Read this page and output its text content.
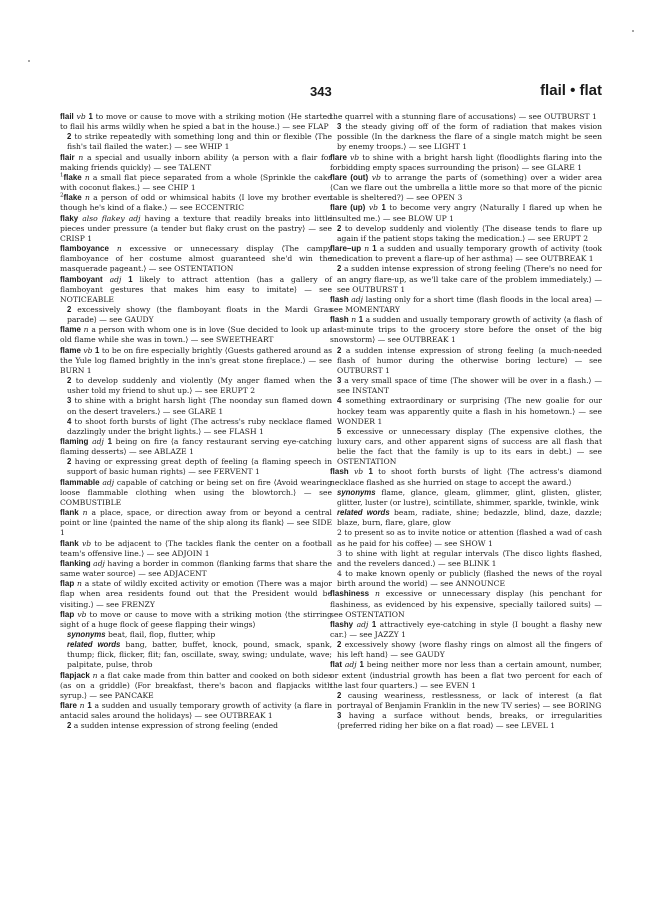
343	flail • flat

flail vb 1 to move or cause to move with a striking motion ⟨He started to flail his arms wildly when he spied a bat in the house.⟩ — see FLAP

2 to strike repeatedly with something long and thin or flexible ⟨The fish's tail flailed the water.⟩ — see WHIP 1

flair n a special and usually inborn ability ⟨a person with a flair for making friends quickly⟩ — see TALENT

$^1$flake n a small flat piece separated from a whole ⟨Sprinkle the cake with coconut flakes.⟩ — see CHIP 1

$^2$flake n a person of odd or whimsical habits ⟨I love my brother even though he's kind of a flake.⟩ — see ECCENTRIC

flaky also flakey adj having a texture that readily breaks into little pieces under pressure ⟨a tender but flaky crust on the pastry⟩ — see CRISP 1

flamboyance n excessive or unnecessary display ⟨The campy flamboyance of her costume almost guaranteed she'd win the masquerade pageant.⟩ — see OSTENTATION

flamboyant adj 1 likely to attract attention ⟨has a gallery of flamboyant gestures that makes him easy to imitate⟩ — see NOTICEABLE

2 excessively showy ⟨the flamboyant floats in the Mardi Gras parade⟩ — see GAUDY

flame n a person with whom one is in love ⟨Sue decided to look up an old flame while she was in town.⟩ — see SWEETHEART

flame vb 1 to be on fire especially brightly ⟨Guests gathered around as the Yule log flamed brightly in the inn's great stone fireplace.⟩ — see BURN 1

2 to develop suddenly and violently ⟨My anger flamed when the usher told my friend to shut up.⟩ — see ERUPT 2

3 to shine with a bright harsh light ⟨The noonday sun flamed down on the desert travelers.⟩ — see GLARE 1

4 to shoot forth bursts of light ⟨The actress's ruby necklace flamed dazzlingly under the bright lights.⟩ — see FLASH 1

flaming adj 1 being on fire ⟨a fancy restaurant serving eye-catching flaming desserts⟩ — see ABLAZE 1

2 having or expressing great depth of feeling ⟨a flaming speech in support of basic human rights⟩ — see FERVENT 1

flammable adj capable of catching or being set on fire ⟨Avoid wearing loose flammable clothing when using the blowtorch.⟩ — see COMBUSTIBLE

flank n a place, space, or direction away from or beyond a central point or line ⟨painted the name of the ship along its flank⟩ — see SIDE 1

flank vb to be adjacent to ⟨The tackles flank the center on a football team's offensive line.⟩ — see ADJOIN 1

flanking adj having a border in common ⟨flanking farms that share the same water source⟩ — see ADJACENT

flap n a state of wildly excited activity or emotion ⟨There was a major flap when area residents found out that the President would be visiting.⟩ — see FRENZY

flap vb to move or cause to move with a striking motion ⟨the stirring sight of a huge flock of geese flapping their wings⟩

synonyms beat, flail, flop, flutter, whip

related words bang, batter, buffet, knock, pound, smack, spank, thump; flick, flicker, flit; fan, oscillate, sway, swing; undulate, wave; palpitate, pulse, throb

flapjack n a flat cake made from thin batter and cooked on both sides (as on a griddle) ⟨For breakfast, there's bacon and flapjacks with syrup.⟩ — see PANCAKE

flare n 1 a sudden and usually temporary growth of activity ⟨a flare in antacid sales around the holidays⟩ — see OUTBREAK 1

2 a sudden intense expression of strong feeling ⟨ended

the quarrel with a stunning flare of accusations⟩ — see OUTBURST 1

3 the steady giving off of the form of radiation that makes vision possible ⟨In the darkness the flare of a single match might be seen by enemy troops.⟩ — see LIGHT 1

flare vb to shine with a bright harsh light ⟨floodlights flaring into the forbidding empty spaces surrounding the prison⟩ — see GLARE 1

flare (out) vb to arrange the parts of (something) over a wider area ⟨Can we flare out the umbrella a little more so that more of the picnic table is sheltered?⟩ — see OPEN 3

flare (up) vb 1 to become very angry ⟨Naturally I flared up when he insulted me.⟩ — see BLOW UP 1

2 to develop suddenly and violently ⟨The disease tends to flare up again if the patient stops taking the medication.⟩ — see ERUPT 2

flare–up n 1 a sudden and usually temporary growth of activity ⟨took medication to prevent a flare-up of her asthma⟩ — see OUTBREAK 1

2 a sudden intense expression of strong feeling ⟨There's no need for an angry flare-up, as we'll take care of the problem immediately.⟩ — see OUTBURST 1

flash adj lasting only for a short time ⟨flash floods in the local area⟩ — see MOMENTARY

flash n 1 a sudden and usually temporary growth of activity ⟨a flash of last-minute trips to the grocery store before the onset of the big snowstorm⟩ — see OUTBREAK 1

2 a sudden intense expression of strong feeling ⟨a much-needed flash of humor during the otherwise boring lecture⟩ — see OUTBURST 1

3 a very small space of time ⟨The shower will be over in a flash.⟩ — see INSTANT

4 something extraordinary or surprising ⟨The new goalie for our hockey team was apparently quite a flash in his hometown.⟩ — see WONDER 1

5 excessive or unnecessary display ⟨The expensive clothes, the luxury cars, and other apparent signs of success are all flash that belie the fact that the family is up to its ears in debt.⟩ — see OSTENTATION

flash vb 1 to shoot forth bursts of light ⟨The actress's diamond necklace flashed as she hurried on stage to accept the award.⟩

synonyms flame, glance, gleam, glimmer, glint, glisten, glister, glitter, luster (or lustre), scintillate, shimmer, sparkle, twinkle, wink

related words beam, radiate, shine; bedazzle, blind, daze, dazzle; blaze, burn, flare, glare, glow

2 to present so as to invite notice or attention ⟨flashed a wad of cash as he paid for his coffee⟩ — see SHOW 1

3 to shine with light at regular intervals ⟨The disco lights flashed, and the revelers danced.⟩ — see BLINK 1

4 to make known openly or publicly ⟨flashed the news of the royal birth around the world⟩ — see ANNOUNCE

flashiness n excessive or unnecessary display ⟨his penchant for flashiness, as evidenced by his expensive, specially tailored suits⟩ — see OSTENTATION

flashy adj 1 attractively eye-catching in style ⟨I bought a flashy new car.⟩ — see JAZZY 1

2 excessively showy ⟨wore flashy rings on almost all the fingers of his left hand⟩ — see GAUDY

flat adj 1 being neither more nor less than a certain amount, number, or extent ⟨industrial growth has been a flat two percent for each of the last four quarters.⟩ — see EVEN 1

2 causing weariness, restlessness, or lack of interest ⟨a flat portrayal of Benjamin Franklin in the new TV series⟩ — see BORING

3 having a surface without bends, breaks, or irregularities ⟨preferred riding her bike on a flat road⟩ — see LEVEL 1
